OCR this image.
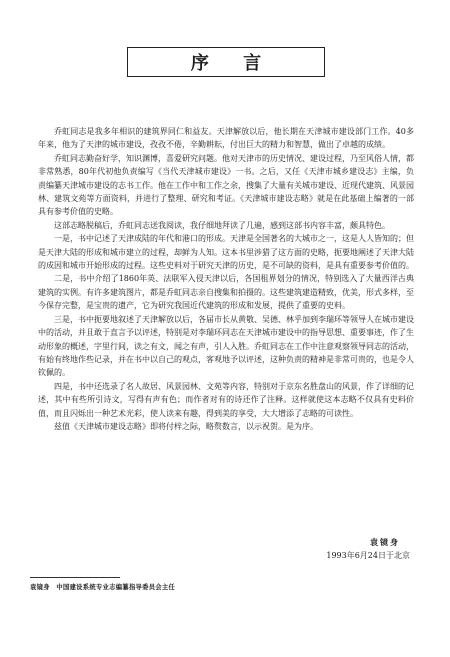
序 言

乔虹同志是我多年相识的建筑界同仁和益友。天津解放以后，他长期在天津城市建设部门工作。40多年来，他为了天津的城市建设，孜孜不倦，辛勤耕耘，付出巨大的精力和智慧，做出了卓越的成绩。

乔虹同志勤奋好学，知识渊博，喜爱研究问题。他对天津市的历史情况、建设过程，乃至风俗人情，都非常熟悉，80年代初他负责编写《当代天津城市建设》一书。之后，又任《天津市城乡建设志》主编，负责编纂天津城市建设的志书工作。他在工作中和工作之余，搜集了大量有关城市建设、近现代建筑、风景园林、建筑文苑等方面资料，并进行了整理、研究和考证。《天津城市建设志略》就是在此基础上编著的一部具有参考价值的史略。

这部志略脱稿后，乔虹同志送我阅读，我仔细地拜读了几遍，感到这部书内容丰富，颇具特色。

一是，书中记述了天津成陆的年代和港口的形成。天津是全国著名的大城市之一，这是人人皆知的；但是天津大陆的形成和城市建立的过程，却鲜为人知。这本书里涉猎了这方面的史略，扼要地阐述了天津大陆的成因和城市开始形成的过程。这些史料对于研究天津的历史，是不可缺的资料，是具有重要参考价值的。

二是，书中介绍了1860年英、法联军入侵天津以后，各国租界划分的情况，特别选入了大量西洋古典建筑的实例。有许多建筑图片，都是乔虹同志亲自搜集和拍摄的。这些建筑建造精致，优美，形式多样，至今保存完整，是宝贵的遗产，它为研究我国近代建筑的形成和发展，提供了重要的史料。

三是，书中扼要地叙述了天津解放以后，各届市长从黄敬、吴德、林乎加到李瑞环等领导人在城市建设中的活动，并且敢于直言予以评述，特别是对李瑞环同志在天津城市建设中的指导思想、重要事迹，作了生动形象的概述，字里行间，读之有文，闻之有声，引人入胜。乔虹同志在工作中注意观察领导同志的活动，有始有终地作些记录，并在书中以自己的观点，客观地予以评述，这种负责的精神是非常可贵的，也是令人钦佩的。

四是，书中还选录了名人故居、风景园林、文苑等内容，特别对于京东名胜盘山的风景，作了详细的记述，其中有些所引诗文，写得有声有色；而作者对有的诗还作了注释。这样就使这本志略不仅具有史料价值，而且闪烁出一种艺术光彩，使人读来有趣，得到美的享受，大大增添了志略的可读性。

兹值《天津城市建设志略》即将付梓之际，略赘数言，以示祝贺。是为序。

袁镜身
1993年6月24日于北京
袁镜身　中国建设系统专业志编纂指导委员会主任
